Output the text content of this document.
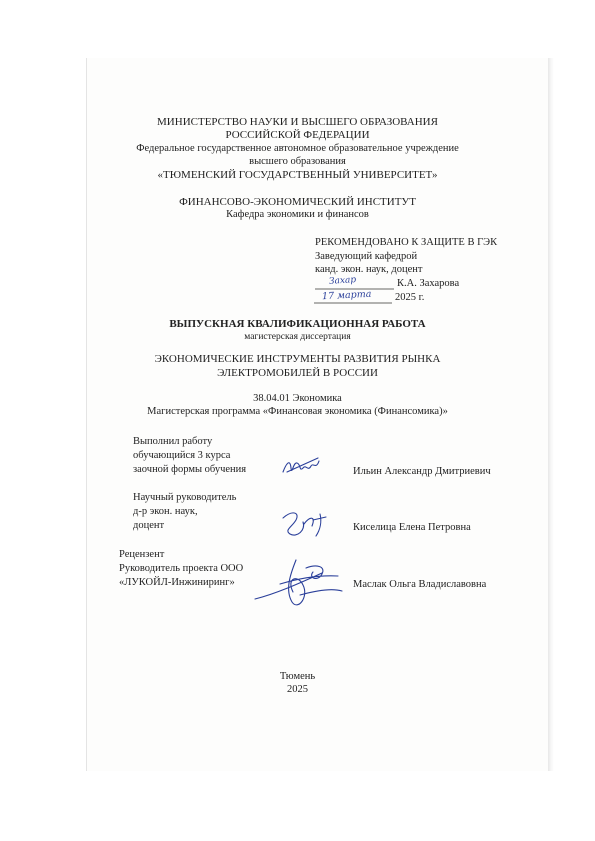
МИНИСТЕРСТВО НАУКИ И ВЫСШЕГО ОБРАЗОВАНИЯ
РОССИЙСКОЙ ФЕДЕРАЦИИ
Федеральное государственное автономное образовательное учреждение
высшего образования
«ТЮМЕНСКИЙ ГОСУДАРСТВЕННЫЙ УНИВЕРСИТЕТ»
ФИНАНСОВО-ЭКОНОМИЧЕСКИЙ ИНСТИТУТ
Кафедра экономики и финансов
РЕКОМЕНДОВАНО К ЗАЩИТЕ В ГЭК
Заведующий кафедрой
канд. экон. наук, доцент
К.А. Захарова
2025 г.
Захар
17 марта
ВЫПУСКНАЯ КВАЛИФИКАЦИОННАЯ РАБОТА
магистерская диссертация
ЭКОНОМИЧЕСКИЕ ИНСТРУМЕНТЫ РАЗВИТИЯ РЫНКА
ЭЛЕКТРОМОБИЛЕЙ В РОССИИ
38.04.01 Экономика
Магистерская программа «Финансовая экономика (Финансомика)»
Выполнил работу
обучающийся 3 курса
заочной формы обучения	Ильин Александр Дмитриевич
Научный руководитель
д-р экон. наук,
доцент	Киселица Елена Петровна
Рецензент
Руководитель проекта ООО
«ЛУКОЙЛ-Инжиниринг»	Маслак Ольга Владиславовна
Тюмень
2025
